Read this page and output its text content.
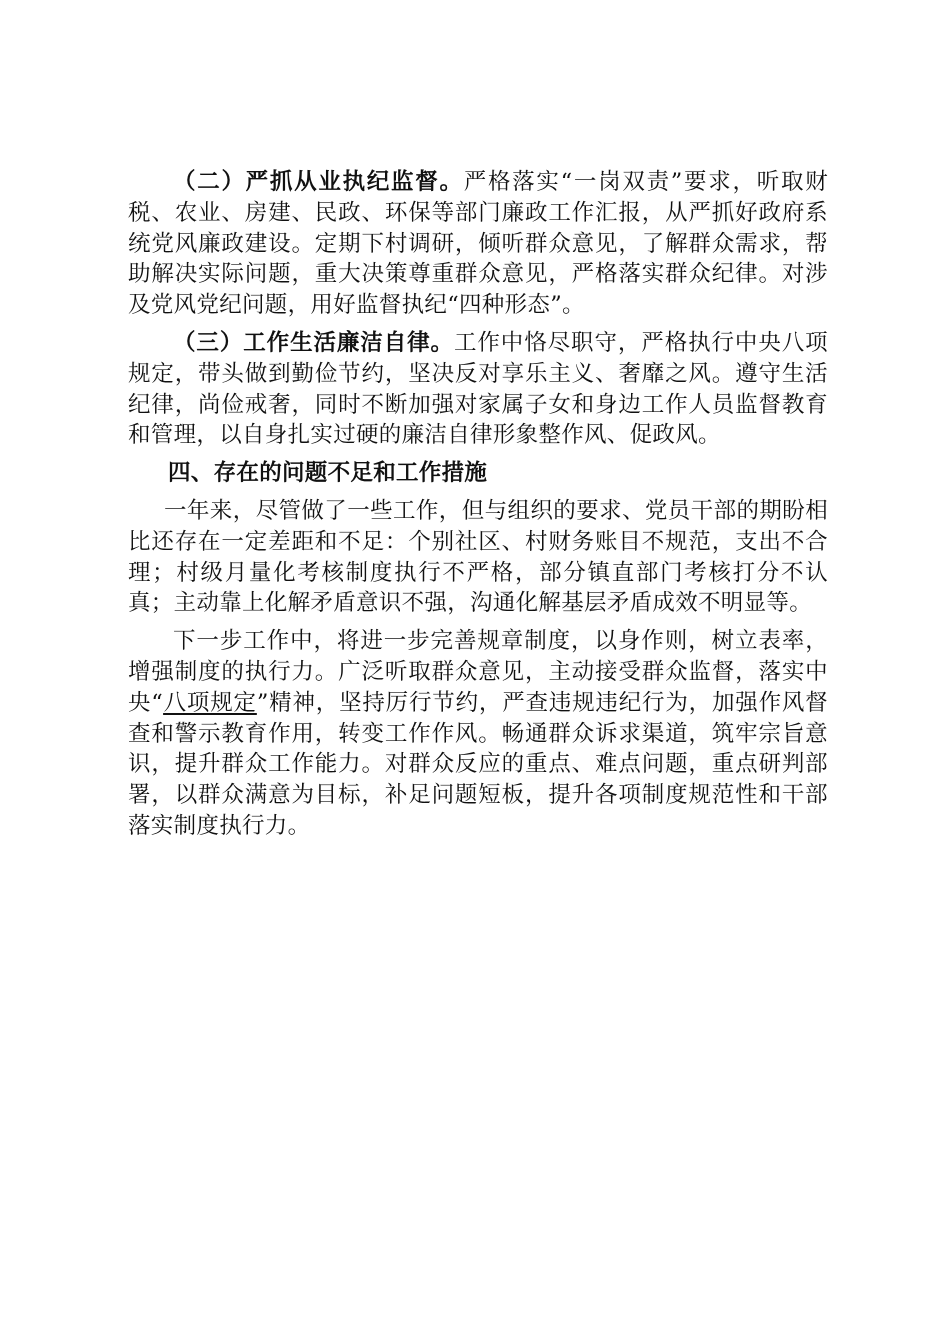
（二）严抓从业执纪监督。严格落实“一岗双责”要求，听取财税、农业、房建、民政、环保等部门廉政工作汇报，从严抓好政府系统党风廉政建设。定期下村调研，倾听群众意见，了解群众需求，帮助解决实际问题，重大决策尊重群众意见，严格落实群众纪律。对涉及党风党纪问题，用好监督执纪“四种形态”。

（三）工作生活廉洁自律。工作中恪尽职守，严格执行中央八项规定，带头做到勤俭节约，坚决反对享乐主义、奢靡之风。遵守生活纪律，尚俭戒奢，同时不断加强对家属子女和身边工作人员监督教育和管理，以自身扎实过硬的廉洁自律形象整作风、促政风。

四、存在的问题不足和工作措施

一年来，尽管做了一些工作，但与组织的要求、党员干部的期盼相比还存在一定差距和不足：个别社区、村财务账目不规范，支出不合理；村级月量化考核制度执行不严格，部分镇直部门考核打分不认真；主动靠上化解矛盾意识不强，沟通化解基层矛盾成效不明显等。

下一步工作中，将进一步完善规章制度，以身作则，树立表率，增强制度的执行力。广泛听取群众意见，主动接受群众监督，落实中央“八项规定”精神，坚持厉行节约，严查违规违纪行为，加强作风督查和警示教育作用，转变工作作风。畅通群众诉求渠道，筑牢宗旨意识，提升群众工作能力。对群众反应的重点、难点问题，重点研判部署，以群众满意为目标，补足问题短板，提升各项制度规范性和干部落实制度执行力。
